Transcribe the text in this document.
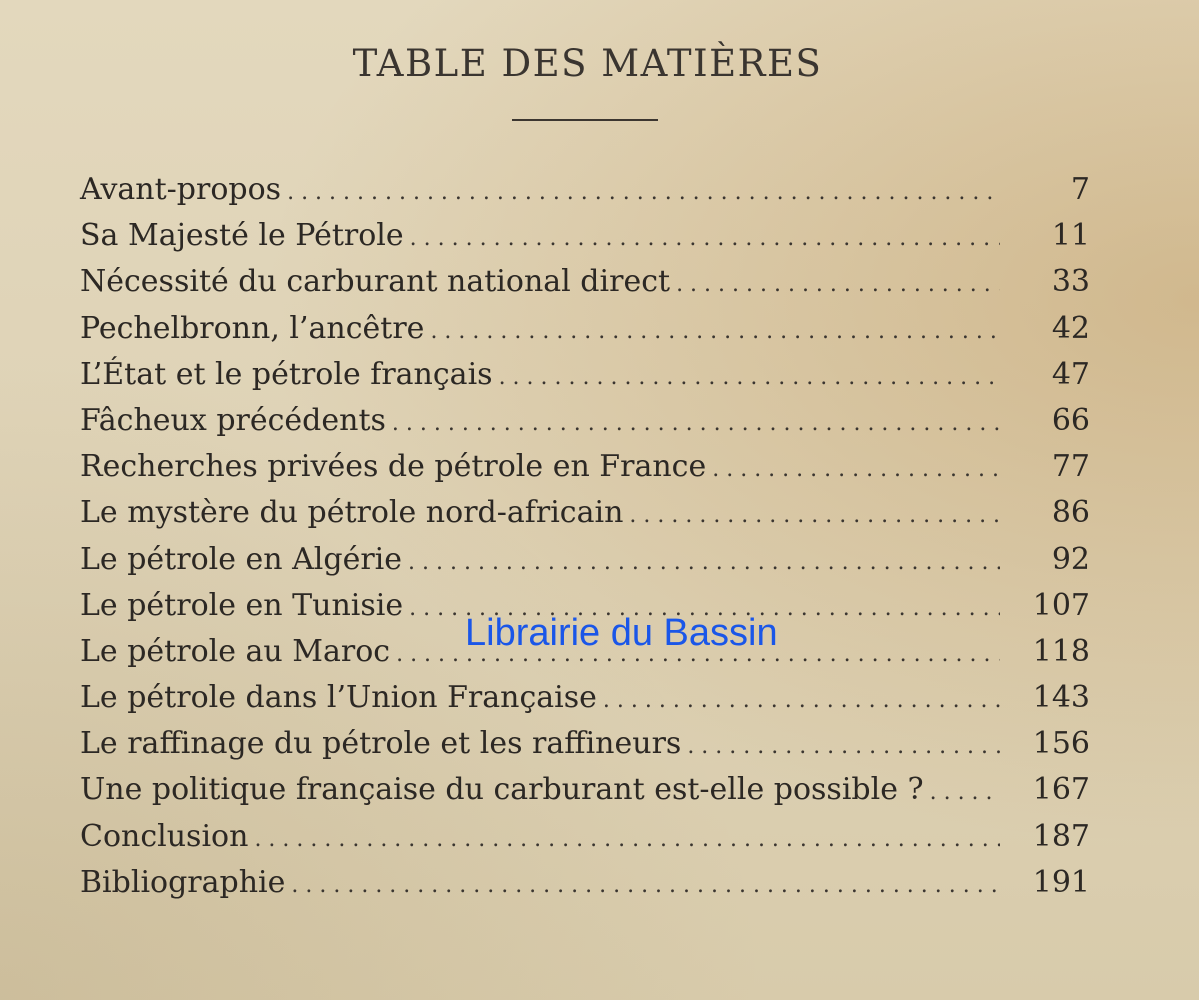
TABLE DES MATIÈRES
Avant-propos . . .	7
Sa Majesté le Pétrole . . .	11
Nécessité du carburant national direct . . .	33
Pechelbronn, l’ancêtre . . .	42
L’État et le pétrole français . . .	47
Fâcheux précédents . . .	66
Recherches privées de pétrole en France . . .	77
Le mystère du pétrole nord-africain . . .	86
Le pétrole en Algérie . . .	92
Le pétrole en Tunisie . . .	107
Le pétrole au Maroc . . .	118
Le pétrole dans l’Union Française . . .	143
Le raffinage du pétrole et les raffineurs . . .	156
Une politique française du carburant est-elle possible ? . . .	167
Conclusion . . .	187
Bibliographie . . .	191
Librairie du Bassin
